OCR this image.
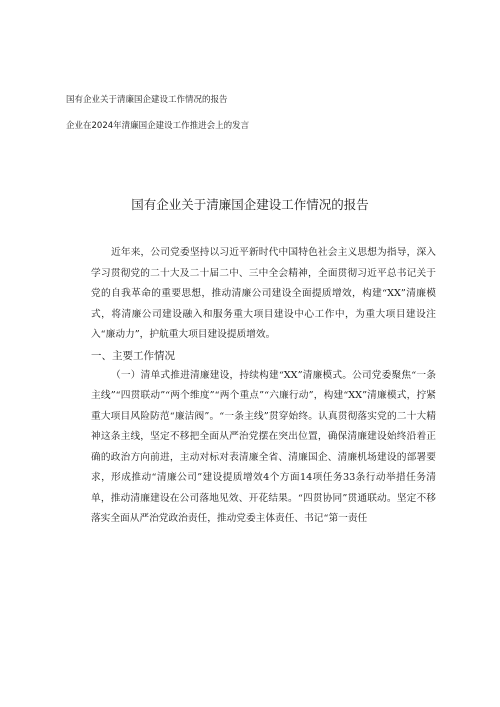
国有企业关于清廉国企建设工作情况的报告
企业在2024年清廉国企建设工作推进会上的发言
国有企业关于清廉国企建设工作情况的报告

近年来，公司党委坚持以习近平新时代中国特色社会主义思想为指导，深入学习贯彻党的二十大及二十届二中、三中全会精神，全面贯彻习近平总书记关于党的自我革命的重要思想，推动清廉公司建设全面提质增效，构建“XX”清廉模式，将清廉公司建设融入和服务重大项目建设中心工作中，为重大项目建设注入“廉动力”，护航重大项目建设提质增效。

一、主要工作情况

（一）清单式推进清廉建设，持续构建“XX”清廉模式。公司党委聚焦“一条主线”“四贯联动”“两个维度”“两个重点”“六廉行动”，构建“XX”清廉模式，拧紧重大项目风险防范“廉洁阀”。“一条主线”贯穿始终。认真贯彻落实党的二十大精神这条主线，坚定不移把全面从严治党摆在突出位置，确保清廉建设始终沿着正确的政治方向前进，主动对标对表清廉全省、清廉国企、清廉机场建设的部署要求，形成推动“清廉公司”建设提质增效4个方面14项任务33条行动举措任务清单，推动清廉建设在公司落地见效、开花结果。“四贯协同”贯通联动。坚定不移落实全面从严治党政治责任，推动党委主体责任、书记“第一责任
